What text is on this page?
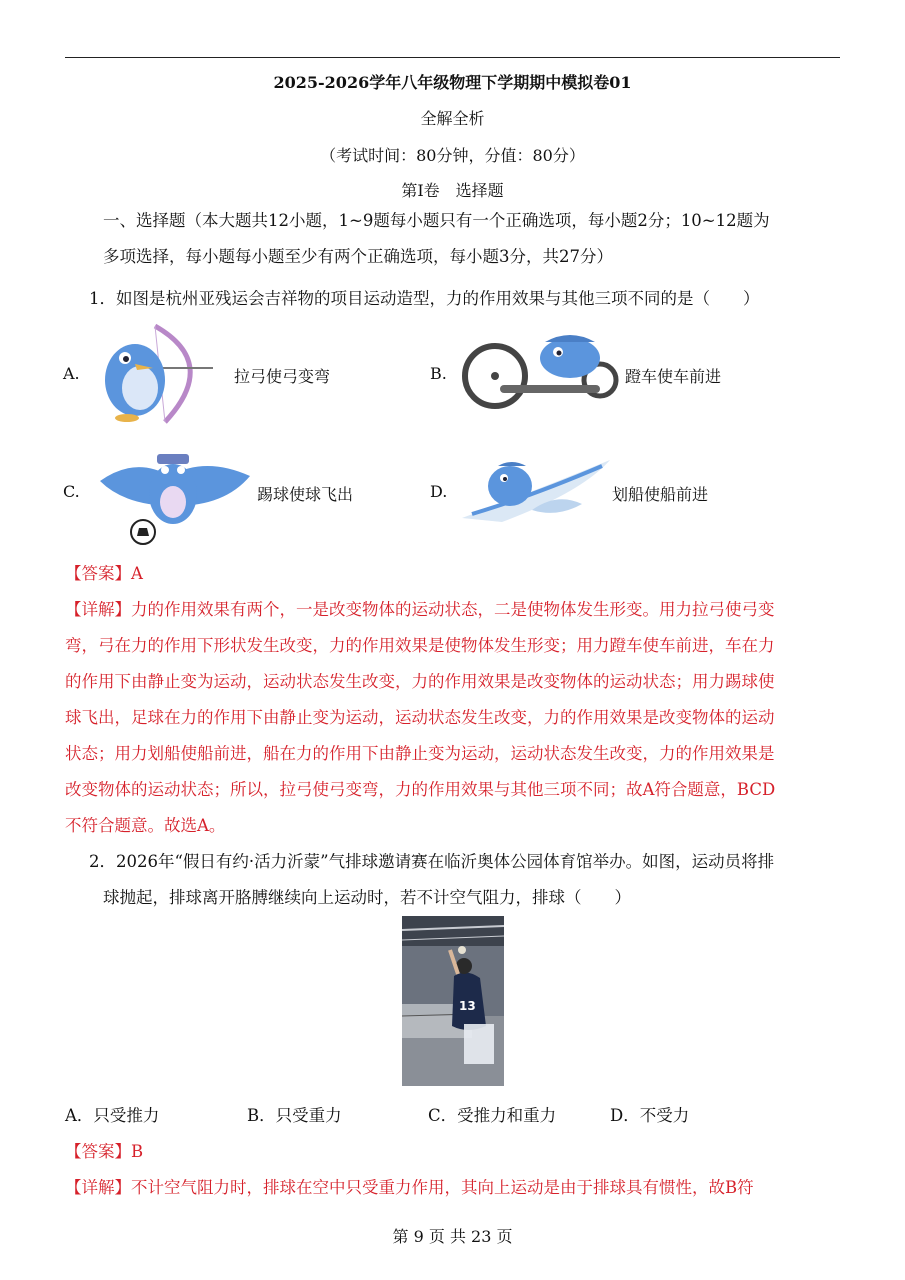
2025-2026学年八年级物理下学期期中模拟卷01
全解全析
（考试时间：80分钟，分值：80分）
第Ⅰ卷　选择题
一、选择题（本大题共12小题，1~9题每小题只有一个正确选项，每小题2分；10~12题为
多项选择，每小题每小题至少有两个正确选项，每小题3分，共27分）
1．如图是杭州亚残运会吉祥物的项目运动造型，力的作用效果与其他三项不同的是（　　）
A.	拉弓使弓变弯	B.	蹬车使车前进
C.	踢球使球飞出	D.	划船使船前进
【答案】A
【详解】力的作用效果有两个，一是改变物体的运动状态，二是使物体发生形变。用力拉弓使弓变
弯，弓在力的作用下形状发生改变，力的作用效果是使物体发生形变；用力蹬车使车前进，车在力
的作用下由静止变为运动，运动状态发生改变，力的作用效果是改变物体的运动状态；用力踢球使
球飞出，足球在力的作用下由静止变为运动，运动状态发生改变，力的作用效果是改变物体的运动
状态；用力划船使船前进，船在力的作用下由静止变为运动，运动状态发生改变，力的作用效果是
改变物体的运动状态；所以，拉弓使弓变弯，力的作用效果与其他三项不同；故A符合题意，BCD
不符合题意。故选A。
2．2026年“假日有约·活力沂蒙”气排球邀请赛在临沂奥体公园体育馆举办。如图，运动员将排
球抛起，排球离开胳膊继续向上运动时，若不计空气阻力，排球（　　）
13
A．只受推力	B．只受重力	C．受推力和重力	D．不受力
【答案】B
【详解】不计空气阻力时，排球在空中只受重力作用，其向上运动是由于排球具有惯性，故B符
第 9 页 共 23 页
